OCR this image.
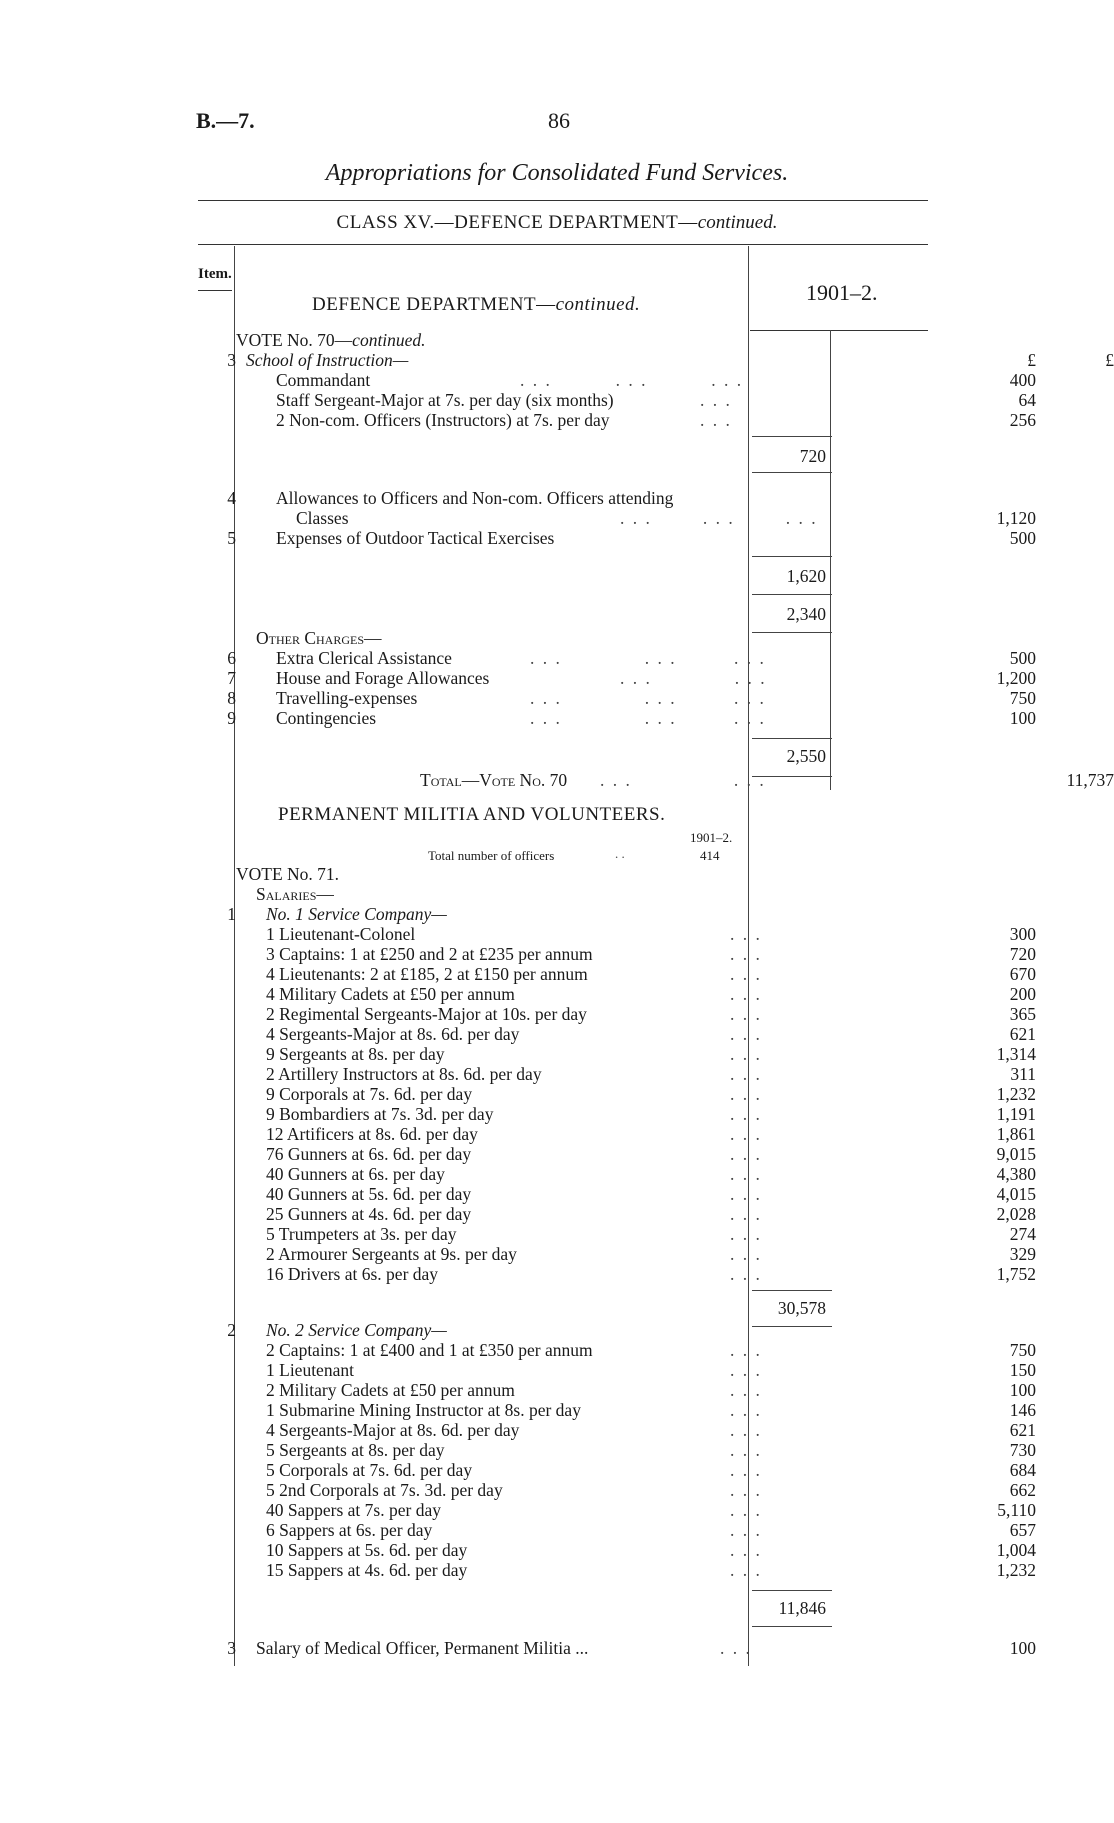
B.—7.	86
Appropriations for Consolidated Fund Services.
CLASS XV.—DEFENCE DEPARTMENT—continued.
Item.
DEFENCE DEPARTMENT—continued.	1901–2.
VOTE No. 70—continued.
3 School of Instruction—	£	£
Commandant	. . .          . . .          . . .	400
Staff Sergeant-Major at 7s. per day (six months)	. . .	64
2 Non-com. Officers (Instructors) at 7s. per day	. . .	256
720
4 Allowances to Officers and Non-com. Officers attending
Classes	. . .        . . .        . . .	1,120
5 Expenses of Outdoor Tactical Exercises	500
1,620
2,340
Other Charges—
6 Extra Clerical Assistance	. . .             . . .         . . .	500
7 House and Forage Allowances	. . .             . . .	1,200
8 Travelling-expenses	. . .             . . .         . . .	750
9 Contingencies	. . .             . . .         . . .	100
2,550
Total—Vote No. 70 . . .                . . .	11,737
PERMANENT MILITIA AND VOLUNTEERS.
1901–2.
Total number of officers	. .	414
VOTE No. 71.
Salaries—
1 No. 1 Service Company—
1 Lieutenant-Colonel	. . .	300
3 Captains: 1 at £250 and 2 at £235 per annum	. . .	720
4 Lieutenants: 2 at £185, 2 at £150 per annum	. . .	670
4 Military Cadets at £50 per annum	. . .	200
2 Regimental Sergeants-Major at 10s. per day	. . .	365
4 Sergeants-Major at 8s. 6d. per day	. . .	621
9 Sergeants at 8s. per day	. . .	1,314
2 Artillery Instructors at 8s. 6d. per day	. . .	311
9 Corporals at 7s. 6d. per day	. . .	1,232
9 Bombardiers at 7s. 3d. per day	. . .	1,191
12 Artificers at 8s. 6d. per day	. . .	1,861
76 Gunners at 6s. 6d. per day	. . .	9,015
40 Gunners at 6s. per day	. . .	4,380
40 Gunners at 5s. 6d. per day	. . .	4,015
25 Gunners at 4s. 6d. per day	. . .	2,028
5 Trumpeters at 3s. per day	. . .	274
2 Armourer Sergeants at 9s. per day	. . .	329
16 Drivers at 6s. per day	. . .	1,752
30,578
2 No. 2 Service Company—
2 Captains: 1 at £400 and 1 at £350 per annum	. . .	750
1 Lieutenant	. . .	150
2 Military Cadets at £50 per annum	. . .	100
1 Submarine Mining Instructor at 8s. per day	. . .	146
4 Sergeants-Major at 8s. 6d. per day	. . .	621
5 Sergeants at 8s. per day	. . .	730
5 Corporals at 7s. 6d. per day	. . .	684
5 2nd Corporals at 7s. 3d. per day	. . .	662
40 Sappers at 7s. per day	. . .	5,110
6 Sappers at 6s. per day	. . .	657
10 Sappers at 5s. 6d. per day	. . .	1,004
15 Sappers at 4s. 6d. per day	. . .	1,232
11,846
3 Salary of Medical Officer, Permanent Militia ...	. . .	100
